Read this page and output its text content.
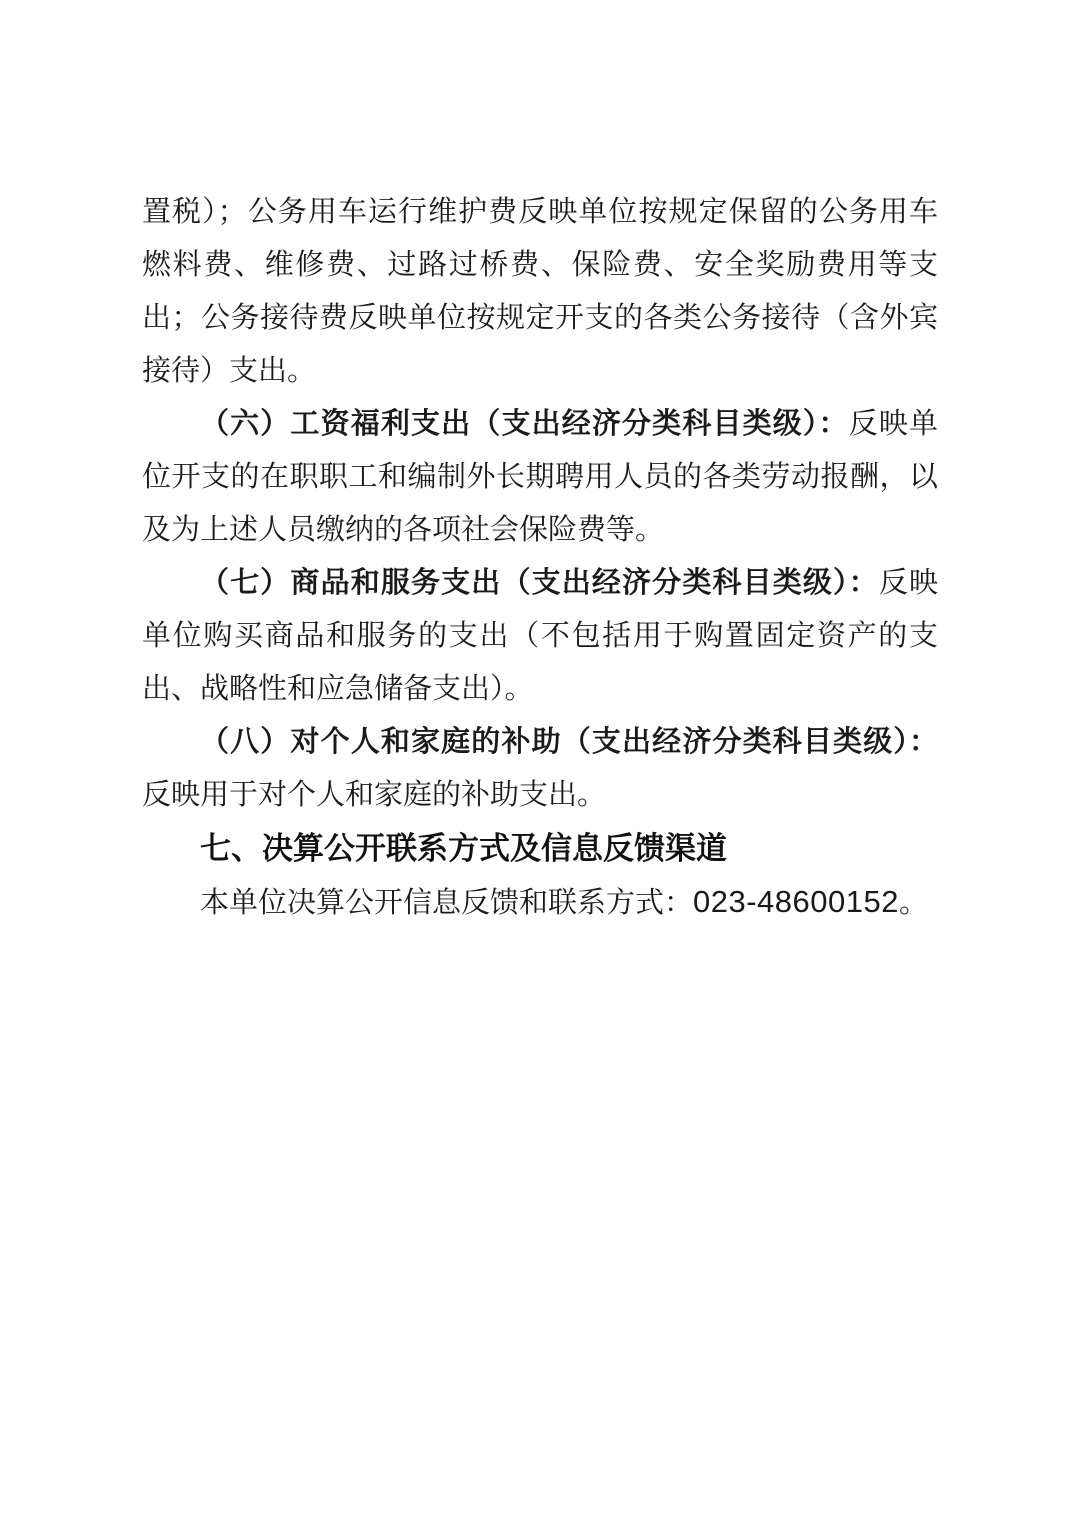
置税）；公务用车运行维护费反映单位按规定保留的公务用车燃料费、维修费、过路过桥费、保险费、安全奖励费用等支出；公务接待费反映单位按规定开支的各类公务接待（含外宾接待）支出。

（六）工资福利支出（支出经济分类科目类级）：反映单位开支的在职职工和编制外长期聘用人员的各类劳动报酬，以及为上述人员缴纳的各项社会保险费等。

（七）商品和服务支出（支出经济分类科目类级）：反映单位购买商品和服务的支出（不包括用于购置固定资产的支出、战略性和应急储备支出）。

（八）对个人和家庭的补助（支出经济分类科目类级）：反映用于对个人和家庭的补助支出。

七、决算公开联系方式及信息反馈渠道

本单位决算公开信息反馈和联系方式：023-48600152。
